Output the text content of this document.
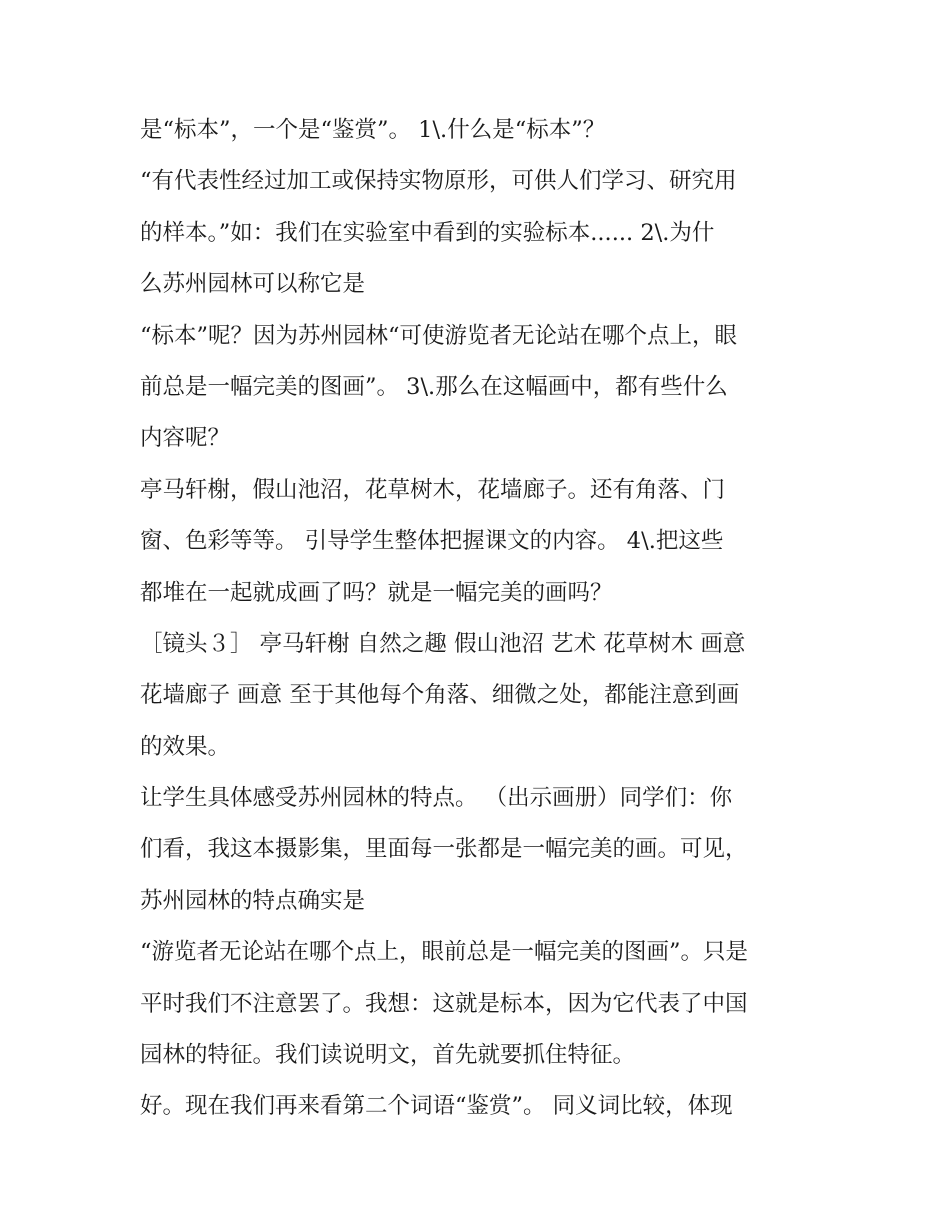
是“标本”，一个是“鉴赏”。 1\.什么是“标本”？
“有代表性经过加工或保持实物原形，可供人们学习、研究用
的样本。”如：我们在实验室中看到的实验标本...... 2\.为什
么苏州园林可以称它是
“标本”呢？因为苏州园林“可使游览者无论站在哪个点上，眼
前总是一幅完美的图画”。 3\.那么在这幅画中，都有些什么
内容呢？
亭马轩榭，假山池沼，花草树木，花墙廊子。还有角落、门
窗、色彩等等。 引导学生整体把握课文的内容。 4\.把这些
都堆在一起就成画了吗？就是一幅完美的画吗？
［镜头３］ 亭马轩榭 自然之趣 假山池沼 艺术 花草树木 画意
花墙廊子 画意 至于其他每个角落、细微之处，都能注意到画
的效果。
让学生具体感受苏州园林的特点。 （出示画册）同学们：你
们看，我这本摄影集，里面每一张都是一幅完美的画。可见，
苏州园林的特点确实是
“游览者无论站在哪个点上，眼前总是一幅完美的图画”。只是
平时我们不注意罢了。我想：这就是标本，因为它代表了中国
园林的特征。我们读说明文，首先就要抓住特征。
好。现在我们再来看第二个词语“鉴赏”。 同义词比较，体现
